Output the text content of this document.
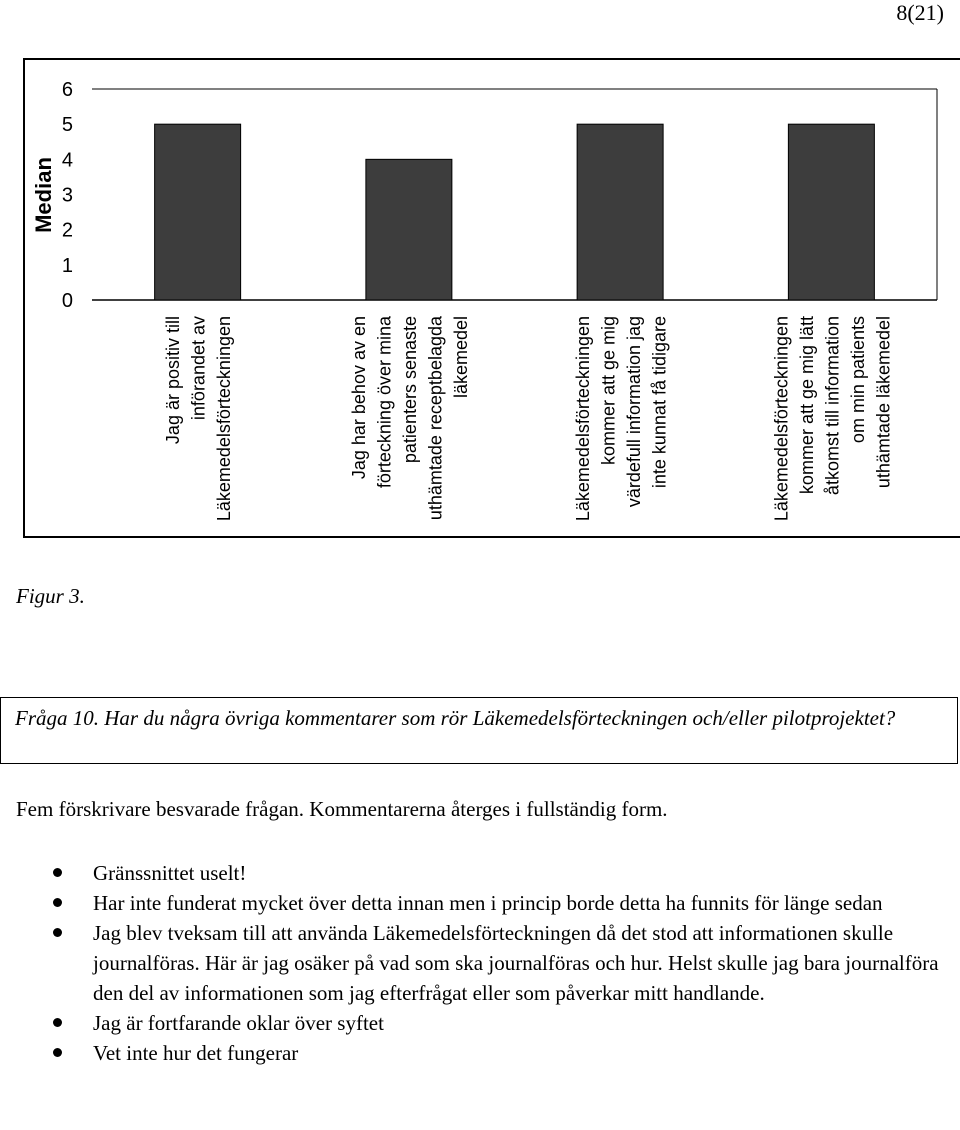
8(21)
0
1
2
3
4
5
6
Median
Jag är positiv till införandet av Läkemedelsförteckningen	Jag har behov av en förteckning över mina patienters senaste uthämtade receptbelagda läkemedel	Läkemedelsförteckningen kommer att ge mig värdefull information jag inte kunnat få tidigare	Läkemedelsförteckningen kommer att ge mig lätt åtkomst till information om min patients uthämtade läkemedel
Figur 3.
Fråga 10. Har du några övriga kommentarer som rör Läkemedelsförteckningen och/eller pilotprojektet?
Fem förskrivare besvarade frågan. Kommentarerna återges i fullständig form.
Gränssnittet uselt!
Har inte funderat mycket över detta innan men i princip borde detta ha funnits för länge sedan
Jag blev tveksam till att använda Läkemedelsförteckningen då det stod att informationen skulle journalföras. Här är jag osäker på vad som ska journalföras och hur. Helst skulle jag bara journalföra den del av informationen som jag efterfrågat eller som påverkar mitt handlande.
Jag är fortfarande oklar över syftet
Vet inte hur det fungerar
